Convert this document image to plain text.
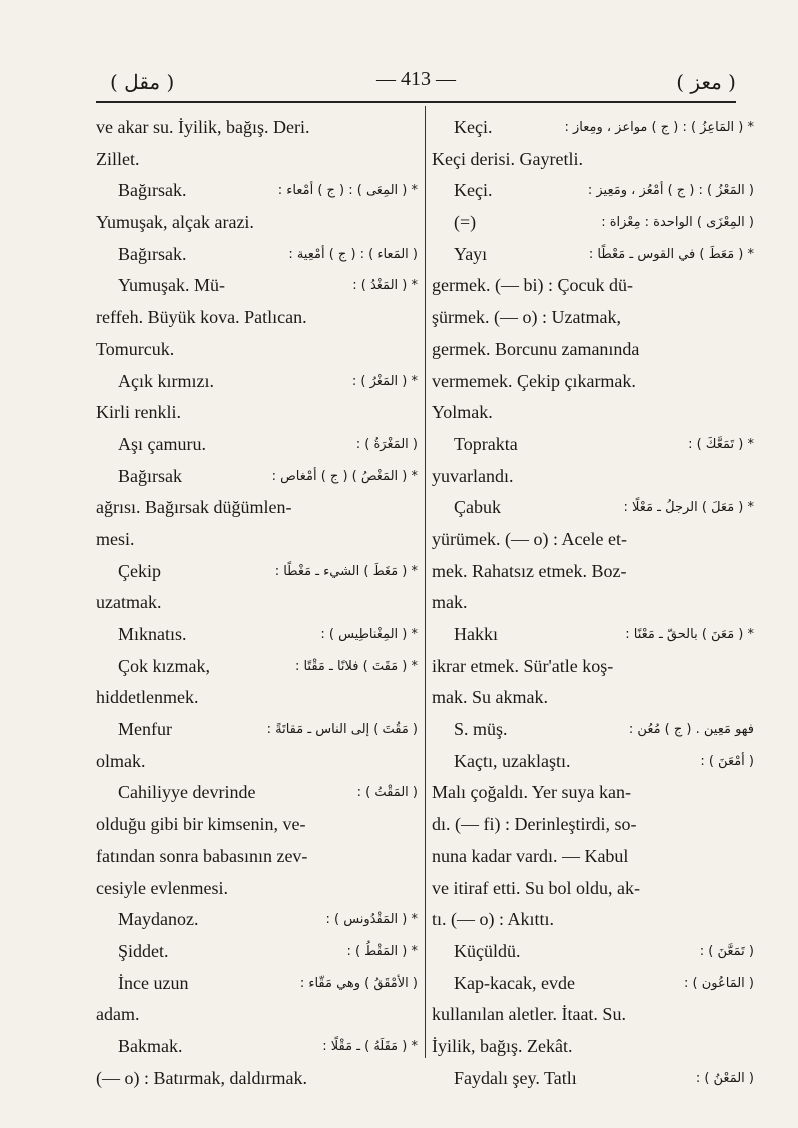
( مقل )	— 413 —	( معز )
ve akar su. İyilik, bağış. Deri.
Zillet.
Bağırsak.	* ( المِعَى ) : ( ج ) أمْعاء :
Yumuşak, alçak arazi.
Bağırsak.	( المَعاء ) : ( ج ) أمْعِية :
Yumuşak. Mü-	* ( المَغْدُ ) :
reffeh. Büyük kova. Patlıcan.
Tomurcuk.
Açık kırmızı.	* ( المَغْرُ ) :
Kirli renkli.
Aşı çamuru.	( المَغْرَةُ ) :
Bağırsak	* ( المَغْصُ ) ( ج ) أمْغاص :
ağrısı. Bağırsak düğümlen-
mesi.
Çekip	* ( مَغَطَ ) الشيء ـ مَغْطًا :
uzatmak.
Mıknatıs.	* ( المِغْناطِيس ) :
Çok kızmak,	* ( مَقَتَ ) فلانًا ـ مَقْتًا :
hiddetlenmek.
Menfur	( مَقُتَ ) إلى الناس ـ مَقاتَةً :
olmak.
Cahiliyye devrinde	( المَقْتُ ) :
olduğu gibi bir kimsenin, ve-
fatından sonra babasının zev-
cesiyle evlenmesi.
Maydanoz.	* ( المَقْدُونس ) :
Şiddet.	* ( المَقْطُ ) :
İnce uzun	( الأمْقَقُ ) وهي مَقّاء :
adam.
Bakmak.	* ( مَقَلَهُ ) ـ مَقْلًا :
(— o) : Batırmak, daldırmak.
Keçi.	* ( المَاعِزُ ) : ( ج ) مواعز ، ومِعاز :
Keçi derisi. Gayretli.
Keçi.	( المَعْزُ ) : ( ج ) أمْعُز ، ومَعِيز :
(=)	( المِعْزَى ) الواحدة : مِعْزاة :
Yayı	* ( مَعَطَ ) في القوس ـ مَعْطًا :
germek. (— bi) : Çocuk dü-
şürmek. (— o) : Uzatmak,
germek. Borcunu zamanında
vermemek. Çekip çıkarmak.
Yolmak.
Toprakta	* ( تَمَعَّكَ ) :
yuvarlandı.
Çabuk	* ( مَعَلَ ) الرجلُ ـ مَعْلًا :
yürümek. (— o) : Acele et-
mek. Rahatsız etmek. Boz-
mak.
Hakkı	* ( مَعَنَ ) بالحقّ ـ مَعْنًا :
ikrar etmek. Sür'atle koş-
mak. Su akmak.
S. müş.	فهو مَعِين . ( ج ) مُعُن :
Kaçtı, uzaklaştı.	( أمْعَنَ ) :
Malı çoğaldı. Yer suya kan-
dı. (— fi) : Derinleştirdi, so-
nuna kadar vardı. — Kabul
ve itiraf etti. Su bol oldu, ak-
tı. (— o) : Akıttı.
Küçüldü.	( تَمَعَّنَ ) :
Kap-kacak, evde	( المَاعُون ) :
kullanılan aletler. İtaat. Su.
İyilik, bağış. Zekât.
Faydalı şey. Tatlı	( المَعْنُ ) :
